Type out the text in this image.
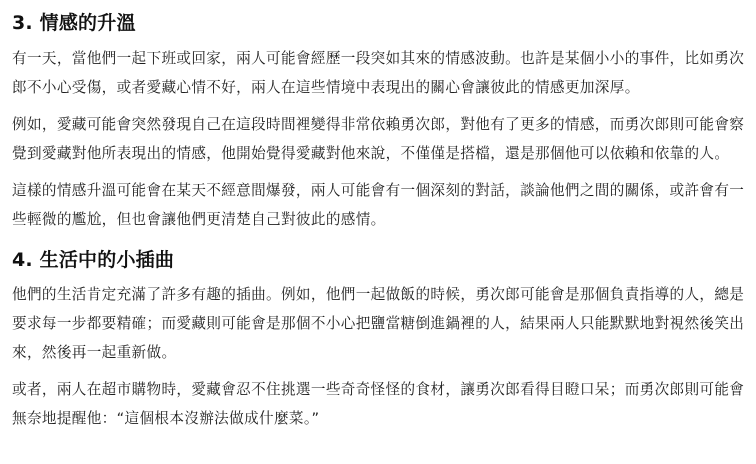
3. 情感的升溫

有一天，當他們一起下班或回家，兩人可能會經歷一段突如其來的情感波動。也許是某個小小的事件，比如勇次郎不小心受傷，或者愛藏心情不好，兩人在這些情境中表現出的關心會讓彼此的情感更加深厚。

例如，愛藏可能會突然發現自己在這段時間裡變得非常依賴勇次郎，對他有了更多的情感，而勇次郎則可能會察覺到愛藏對他所表現出的情感，他開始覺得愛藏對他來說，不僅僅是搭檔，還是那個他可以依賴和依靠的人。

這樣的情感升溫可能會在某天不經意間爆發，兩人可能會有一個深刻的對話，談論他們之間的關係，或許會有一些輕微的尷尬，但也會讓他們更清楚自己對彼此的感情。

4. 生活中的小插曲

他們的生活肯定充滿了許多有趣的插曲。例如，他們一起做飯的時候，勇次郎可能會是那個負責指導的人，總是要求每一步都要精確；而愛藏則可能會是那個不小心把鹽當糖倒進鍋裡的人，結果兩人只能默默地對視然後笑出來，然後再一起重新做。

或者，兩人在超市購物時，愛藏會忍不住挑選一些奇奇怪怪的食材，讓勇次郎看得目瞪口呆；而勇次郎則可能會無奈地提醒他：“這個根本沒辦法做成什麼菜。”
